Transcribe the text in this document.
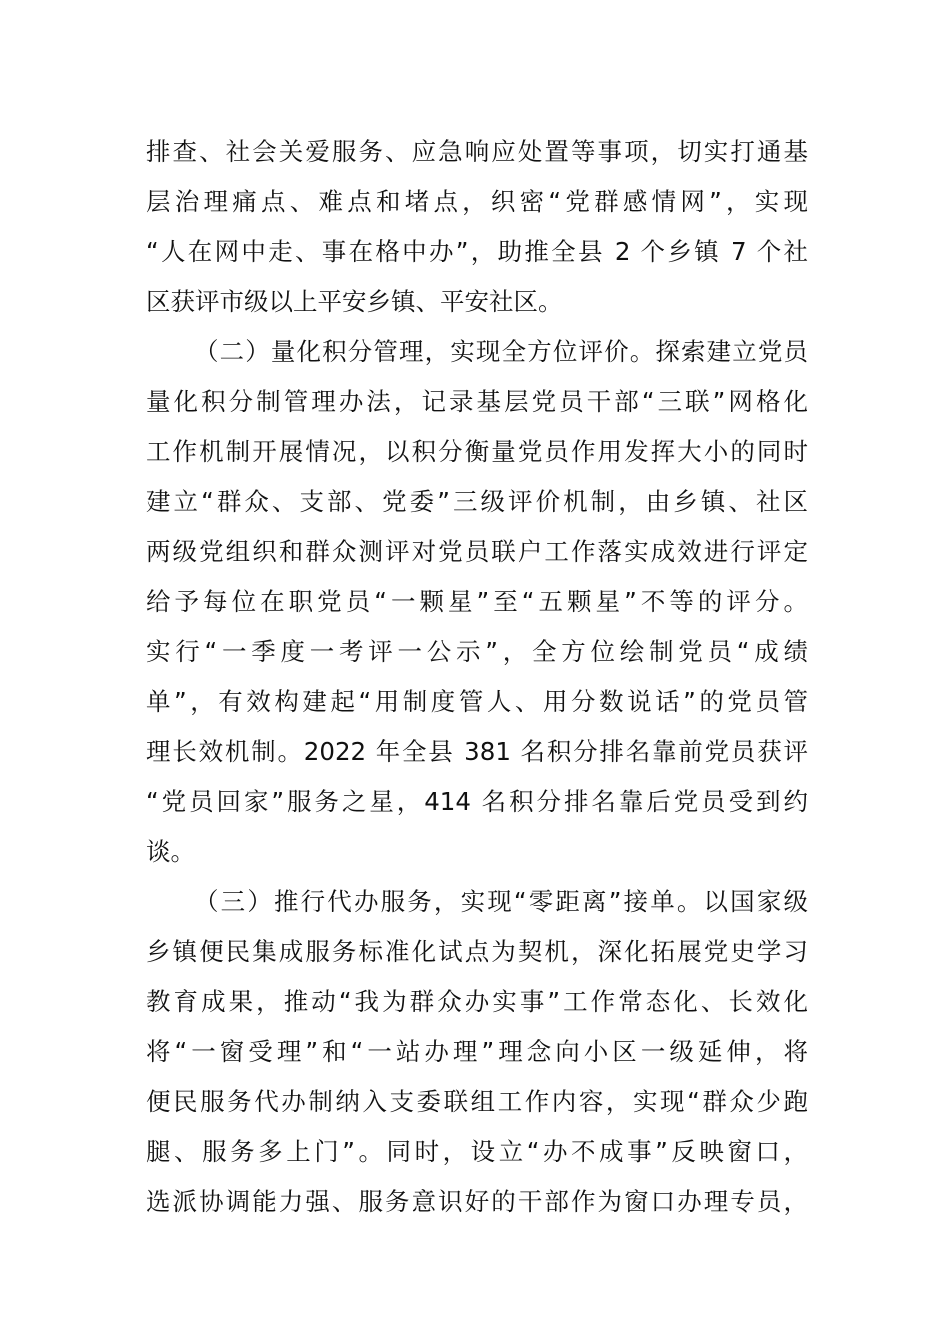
排查、社会关爱服务、应急响应处置等事项，切实打通基
层治理痛点、难点和堵点，织密“党群感情网”，实现
“人在网中走、事在格中办”，助推全县 2 个乡镇 7 个社
区获评市级以上平安乡镇、平安社区。
（二）量化积分管理，实现全方位评价。探索建立党员
量化积分制管理办法，记录基层党员干部“三联”网格化
工作机制开展情况，以积分衡量党员作用发挥大小的同时
建立“群众、支部、党委”三级评价机制，由乡镇、社区
两级党组织和群众测评对党员联户工作落实成效进行评定
给予每位在职党员“一颗星”至“五颗星”不等的评分。
实行“一季度一考评一公示”，全方位绘制党员“成绩
单”，有效构建起“用制度管人、用分数说话”的党员管
理长效机制。2022 年全县 381 名积分排名靠前党员获评
“党员回家”服务之星，414 名积分排名靠后党员受到约
谈。
（三）推行代办服务，实现“零距离”接单。以国家级
乡镇便民集成服务标准化试点为契机，深化拓展党史学习
教育成果，推动“我为群众办实事”工作常态化、长效化
将“一窗受理”和“一站办理”理念向小区一级延伸，将
便民服务代办制纳入支委联组工作内容，实现“群众少跑
腿、服务多上门”。同时，设立“办不成事”反映窗口，
选派协调能力强、服务意识好的干部作为窗口办理专员，
